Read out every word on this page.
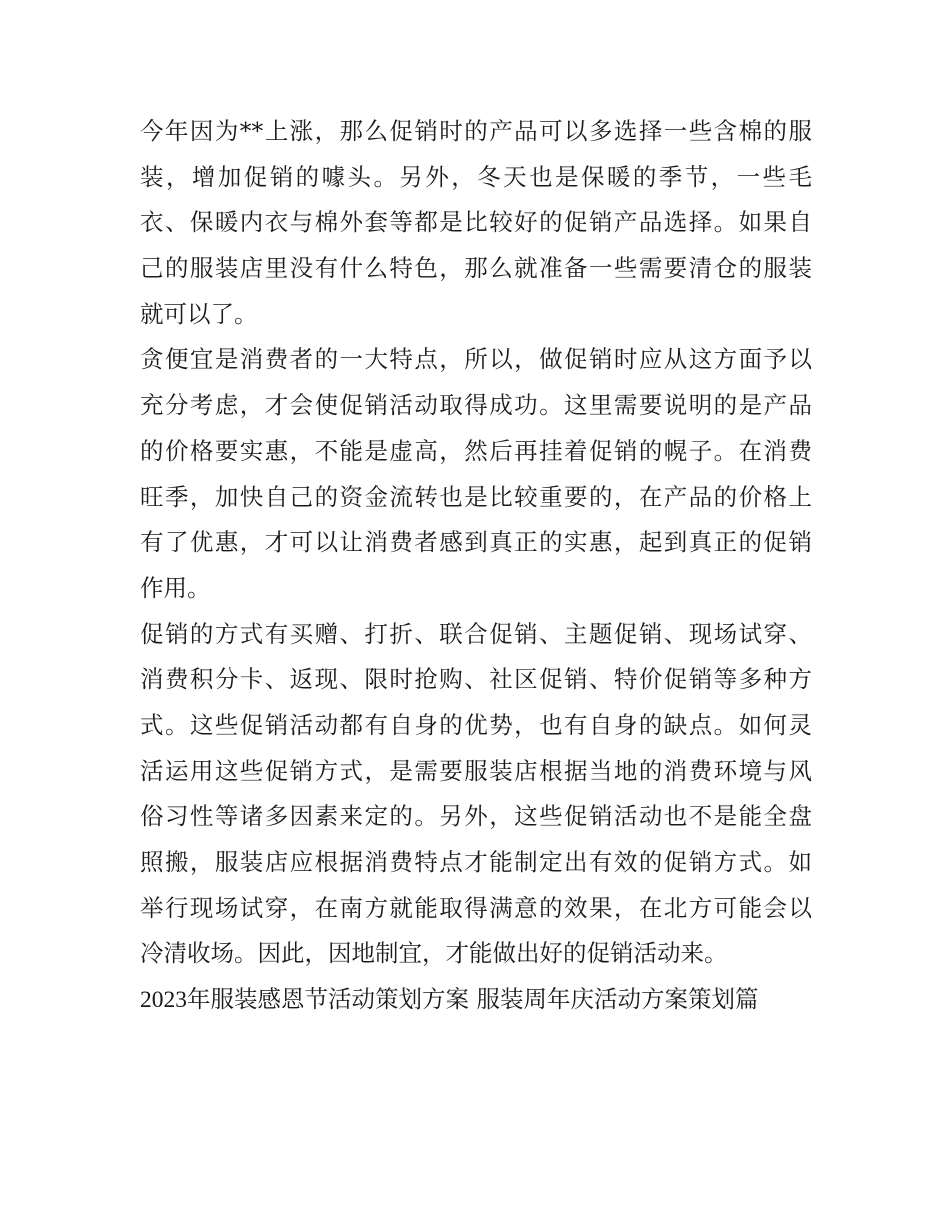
今年因为**上涨，那么促销时的产品可以多选择一些含棉的服
装，增加促销的噱头。另外，冬天也是保暖的季节，一些毛
衣、保暖内衣与棉外套等都是比较好的促销产品选择。如果自
己的服装店里没有什么特色，那么就准备一些需要清仓的服装
就可以了。
贪便宜是消费者的一大特点，所以，做促销时应从这方面予以
充分考虑，才会使促销活动取得成功。这里需要说明的是产品
的价格要实惠，不能是虚高，然后再挂着促销的幌子。在消费
旺季，加快自己的资金流转也是比较重要的，在产品的价格上
有了优惠，才可以让消费者感到真正的实惠，起到真正的促销
作用。
促销的方式有买赠、打折、联合促销、主题促销、现场试穿、
消费积分卡、返现、限时抢购、社区促销、特价促销等多种方
式。这些促销活动都有自身的优势，也有自身的缺点。如何灵
活运用这些促销方式，是需要服装店根据当地的消费环境与风
俗习性等诸多因素来定的。另外，这些促销活动也不是能全盘
照搬，服装店应根据消费特点才能制定出有效的促销方式。如
举行现场试穿，在南方就能取得满意的效果，在北方可能会以
冷清收场。因此，因地制宜，才能做出好的促销活动来。
2023年服装感恩节活动策划方案 服装周年庆活动方案策划篇
